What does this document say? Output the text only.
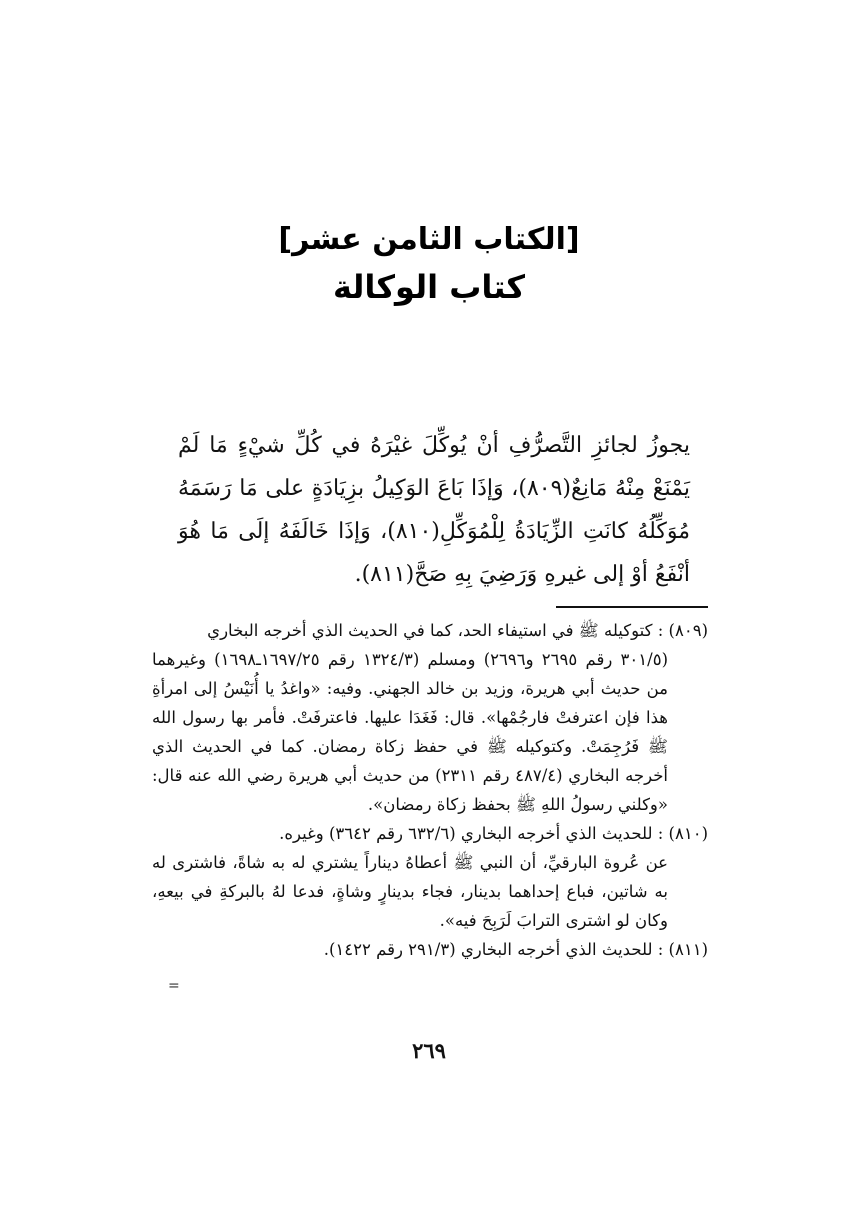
[الكتاب الثامن عشر]
كتاب الوكالة

يجوزُ لجائزِ التَّصرُّفِ أنْ يُوكِّلَ غيْرَهُ في كُلِّ شيْءٍ مَا لَمْ يَمْنَعْ مِنْهُ مَانِعٌ(٨٠٩)، وَإذَا بَاعَ الوَكِيلُ بزِيَادَةٍ على مَا رَسَمَهُ مُوَكِّلُهُ كانَتِ الزِّيَادَةُ لِلْمُوَكِّلِ(٨١٠)، وَإذَا خَالَفَهُ إلَى مَا هُوَ أنْفَعُ أوْ إلى غيرهِ وَرَضِيَ بِهِ صَحَّ(٨١١).

(٨٠٩) : كتوكيله ﷺ في استيفاء الحد، كما في الحديث الذي أخرجه البخاري
(٣٠١/٥ رقم ٢٦٩٥ و٢٦٩٦) ومسلم (١٣٢٤/٣ رقم ١٦٩٧/٢٥ـ١٦٩٨) وغيرهما من حديث أبي هريرة، وزيد بن خالد الجهني. وفيه: «واغدُ يا أُنَيْسُ إلى امرأةِ هذا فإن اعترفتْ فارجُمْها». قال: فَغَدَا عليها. فاعترفَتْ. فأمر بها رسول الله ﷺ فَرُجِمَتْ. وكتوكيله ﷺ في حفظ زكاة رمضان. كما في الحديث الذي أخرجه البخاري (٤٨٧/٤ رقم ٢٣١١) من حديث أبي هريرة رضي الله عنه قال: «وكلني رسولُ اللهِ ﷺ بحفظ زكاة رمضان».

(٨١٠) : للحديث الذي أخرجه البخاري (٦٣٢/٦ رقم ٣٦٤٢) وغيره.
عن عُروة البارقيِّ، أن النبي ﷺ أعطاهُ ديناراً يشتري له به شاةً، فاشترى له به شاتين، فباع إحداهما بدينار، فجاء بدينارٍ وشاةٍ، فدعا لهُ بالبركةِ في بيعهِ، وكان لو اشترى الترابَ لَرَبِحَ فيه».

(٨١١) : للحديث الذي أخرجه البخاري (٢٩١/٣ رقم ١٤٢٢).

=
٢٦٩
